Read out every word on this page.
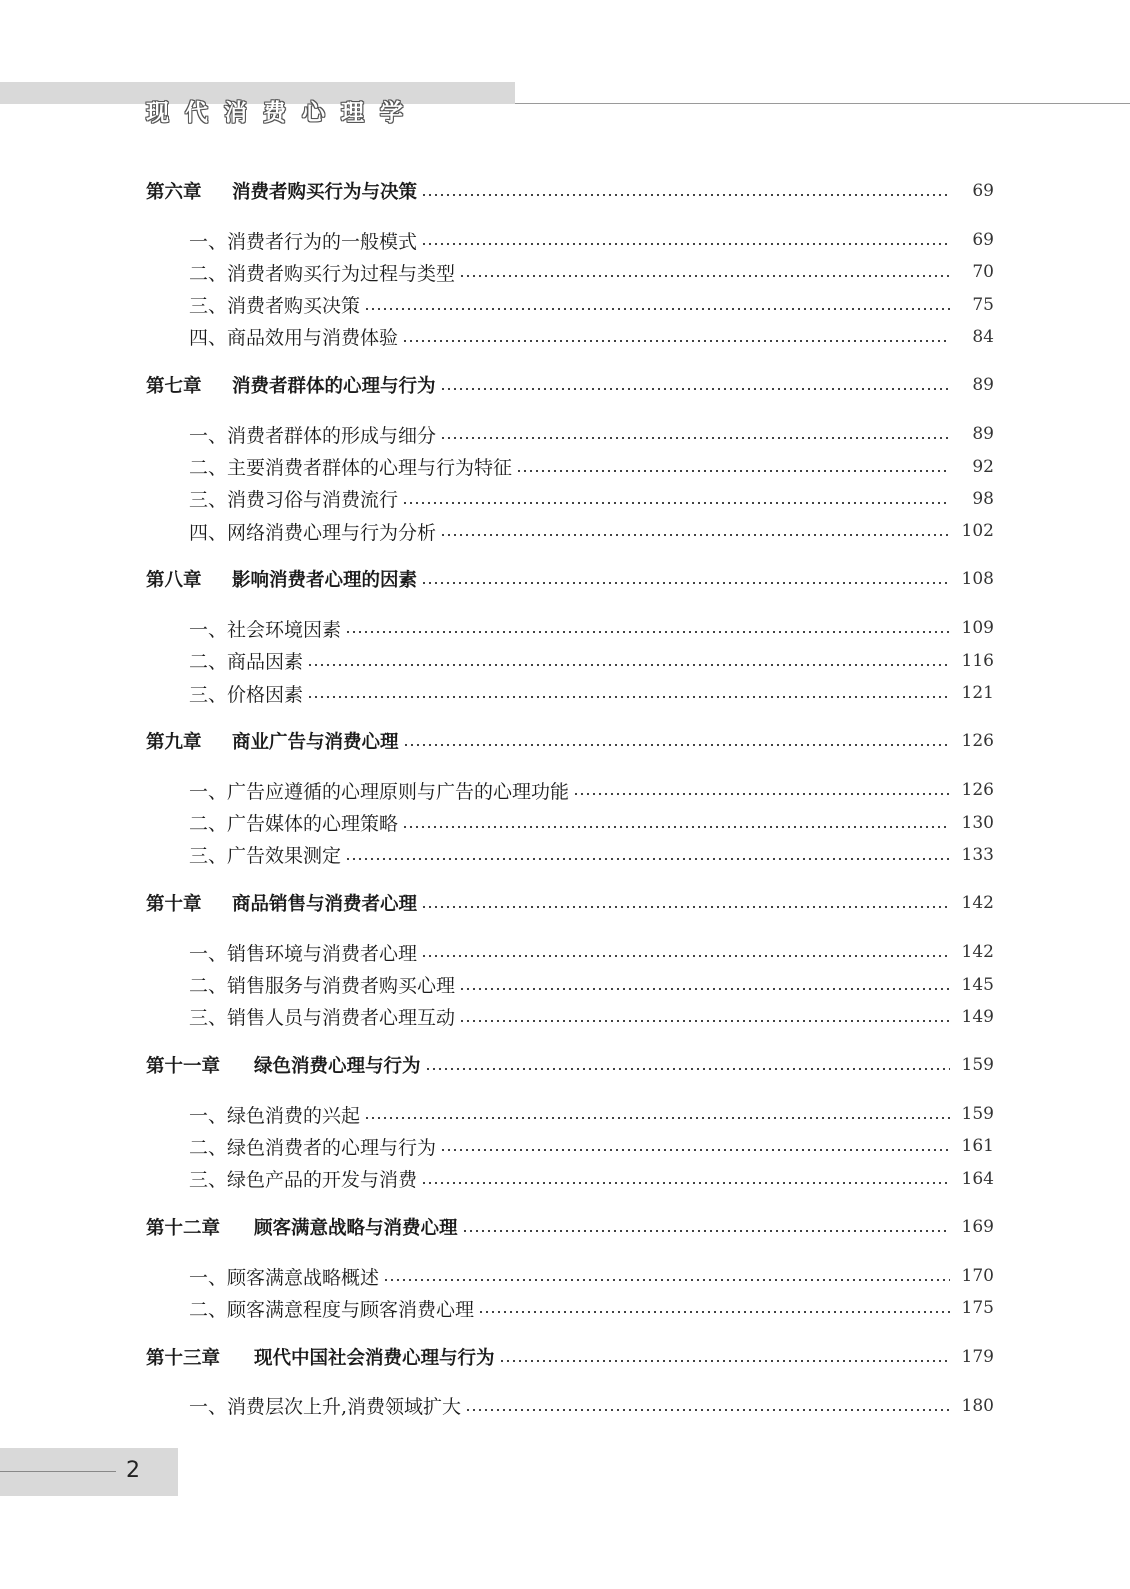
现代消费心理学
第六章 消费者购买行为与决策	69
一、消费者行为的一般模式	69
二、消费者购买行为过程与类型	70
三、消费者购买决策	75
四、商品效用与消费体验	84
第七章 消费者群体的心理与行为	89
一、消费者群体的形成与细分	89
二、主要消费者群体的心理与行为特征	92
三、消费习俗与消费流行	98
四、网络消费心理与行为分析	102
第八章 影响消费者心理的因素	108
一、社会环境因素	109
二、商品因素	116
三、价格因素	121
第九章 商业广告与消费心理	126
一、广告应遵循的心理原则与广告的心理功能	126
二、广告媒体的心理策略	130
三、广告效果测定	133
第十章 商品销售与消费者心理	142
一、销售环境与消费者心理	142
二、销售服务与消费者购买心理	145
三、销售人员与消费者心理互动	149
第十一章 绿色消费心理与行为	159
一、绿色消费的兴起	159
二、绿色消费者的心理与行为	161
三、绿色产品的开发与消费	164
第十二章 顾客满意战略与消费心理	169
一、顾客满意战略概述	170
二、顾客满意程度与顾客消费心理	175
第十三章 现代中国社会消费心理与行为	179
一、消费层次上升,消费领域扩大	180
2
